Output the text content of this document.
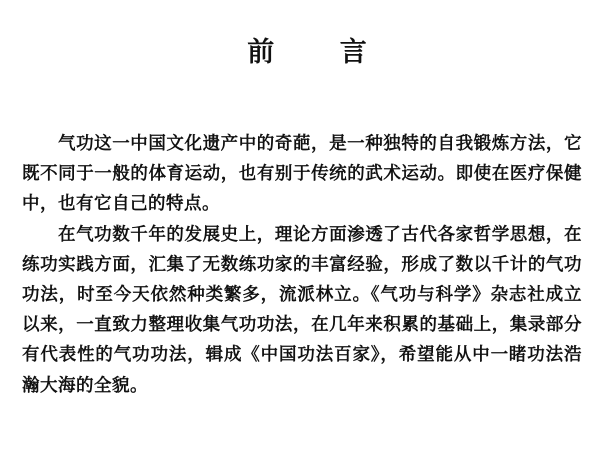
前 言

气功这一中国文化遗产中的奇葩，是一种独特的自我锻炼方法，它既不同于一般的体育运动，也有别于传统的武术运动。即使在医疗保健中，也有它自己的特点。

在气功数千年的发展史上，理论方面渗透了古代各家哲学思想，在练功实践方面，汇集了无数练功家的丰富经验，形成了数以千计的气功功法，时至今天依然种类繁多，流派林立。《气功与科学》杂志社成立以来，一直致力整理收集气功功法，在几年来积累的基础上，集录部分有代表性的气功功法，辑成《中国功法百家》，希望能从中一睹功法浩瀚大海的全貌。
